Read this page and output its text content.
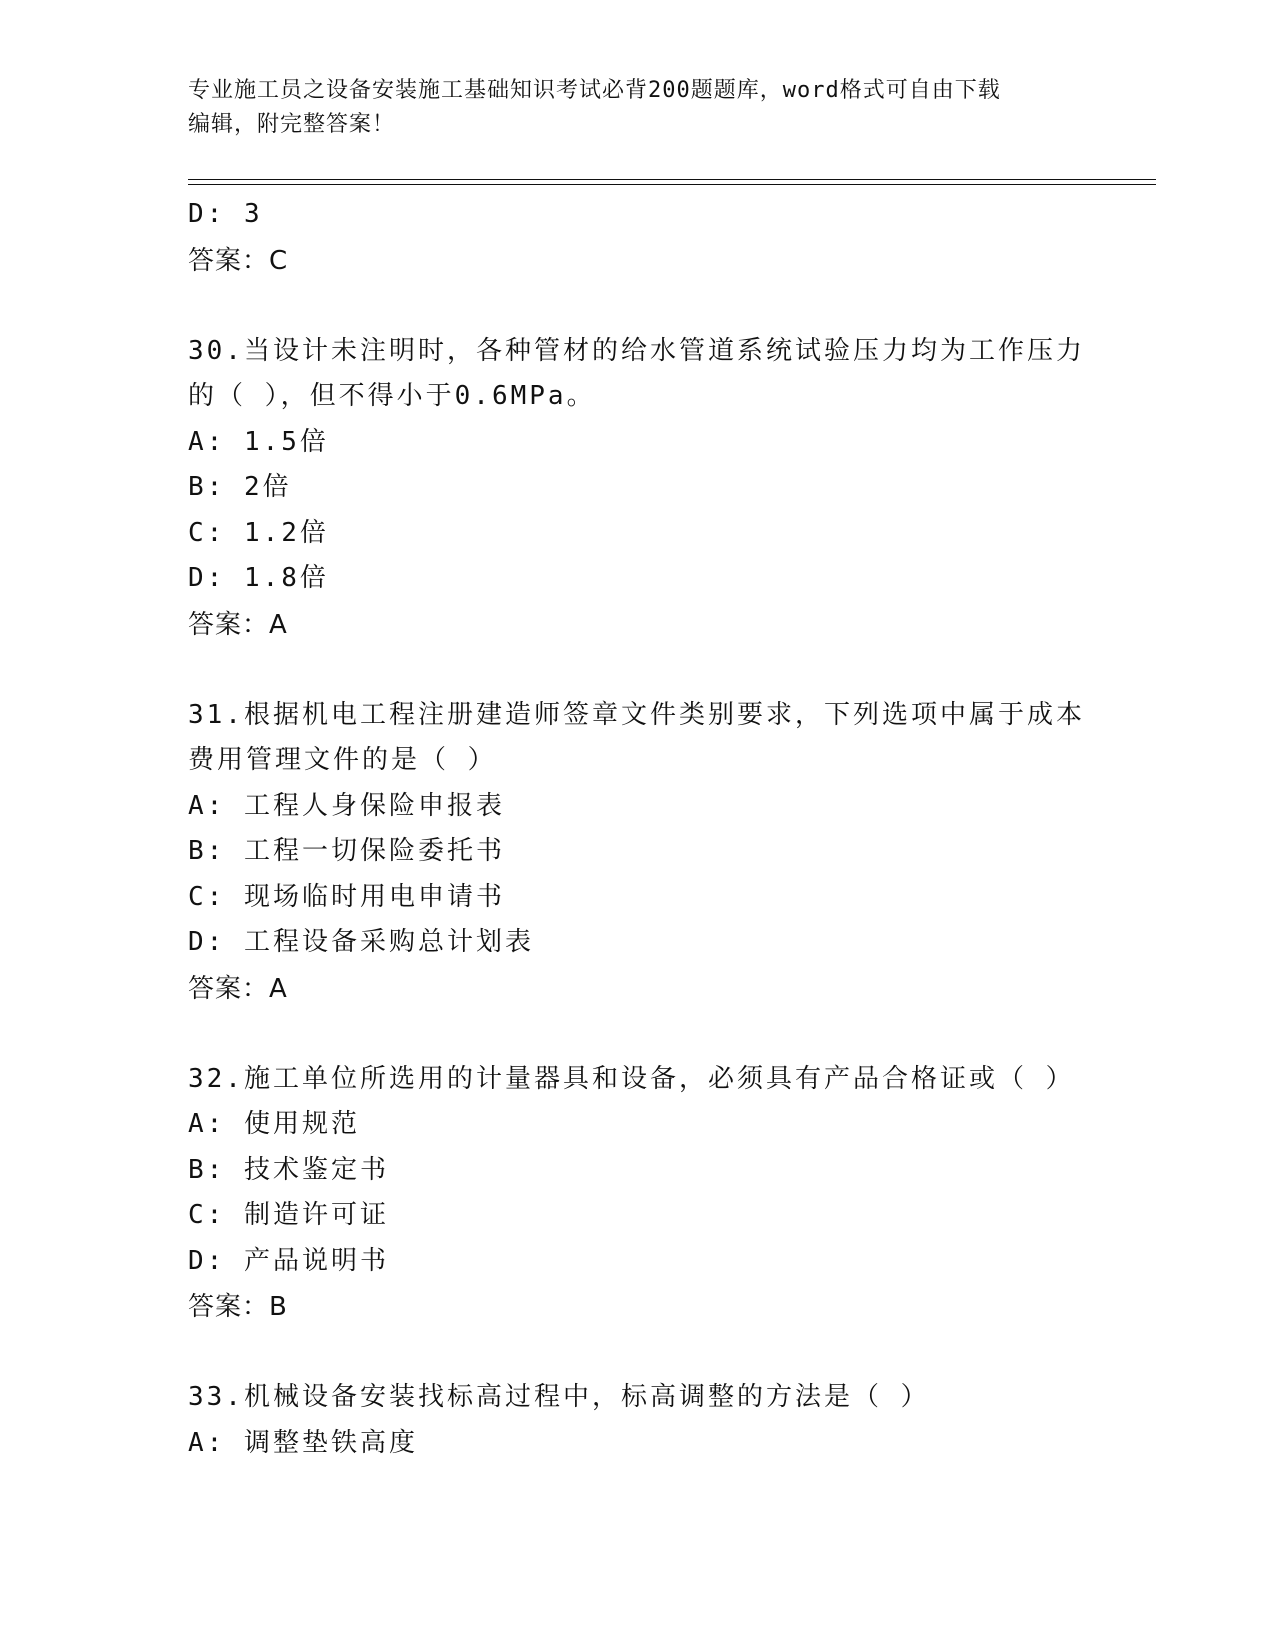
专业施工员之设备安装施工基础知识考试必背200题题库，word格式可自由下载
编辑，附完整答案！
D: 3
答案：C
30.当设计未注明时，各种管材的给水管道系统试验压力均为工作压力
的（ ），但不得小于0.6MPa。
A: 1.5倍
B: 2倍
C: 1.2倍
D: 1.8倍
答案：A
31.根据机电工程注册建造师签章文件类别要求，下列选项中属于成本
费用管理文件的是（ ）
A: 工程人身保险申报表
B: 工程一切保险委托书
C: 现场临时用电申请书
D: 工程设备采购总计划表
答案：A
32.施工单位所选用的计量器具和设备，必须具有产品合格证或（ ）
A: 使用规范
B: 技术鉴定书
C: 制造许可证
D: 产品说明书
答案：B
33.机械设备安装找标高过程中，标高调整的方法是（ ）
A: 调整垫铁高度
